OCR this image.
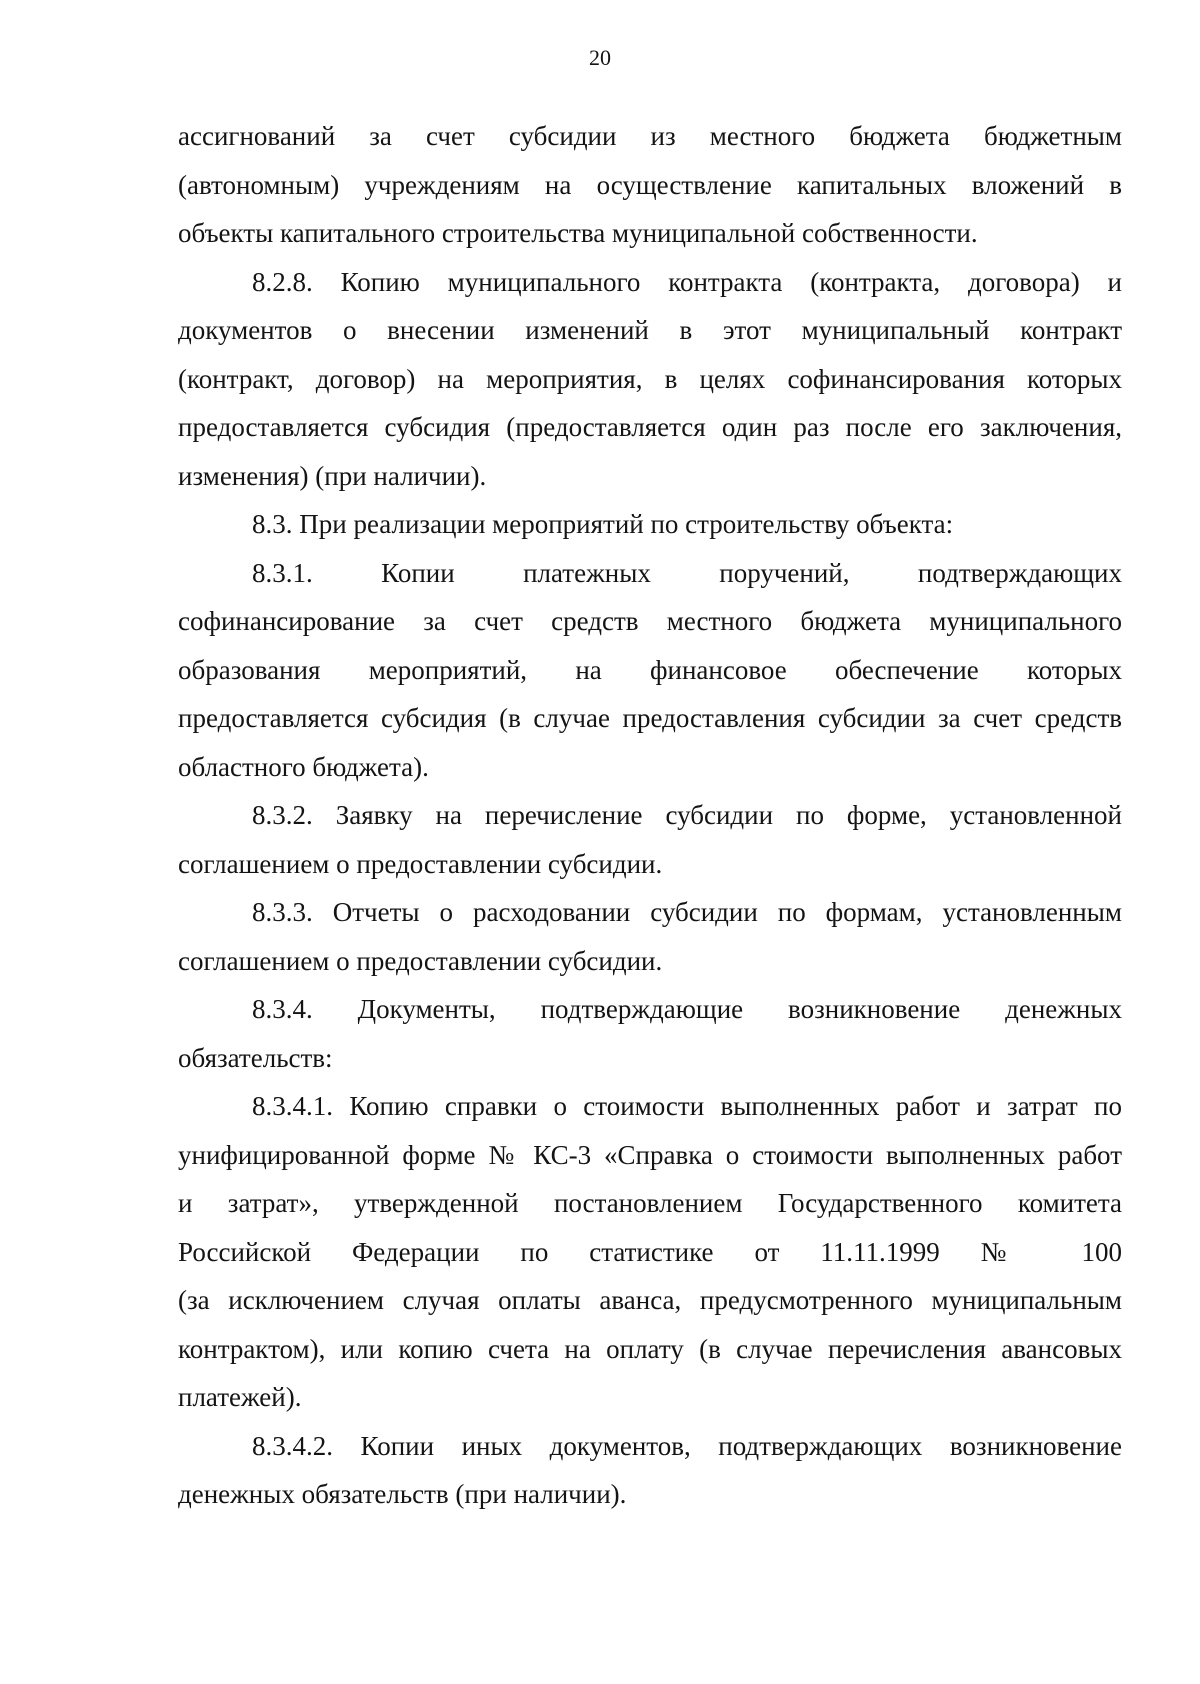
20
ассигнований за счет субсидии из местного бюджета бюджетным
(автономным) учреждениям на осуществление капитальных вложений в
объекты капитального строительства муниципальной собственности.
8.2.8. Копию муниципального контракта (контракта, договора) и
документов о внесении изменений в этот муниципальный контракт
(контракт, договор) на мероприятия, в целях софинансирования которых
предоставляется субсидия (предоставляется один раз после его заключения,
изменения) (при наличии).
8.3. При реализации мероприятий по строительству объекта:
8.3.1. Копии платежных поручений, подтверждающих
софинансирование за счет средств местного бюджета муниципального
образования мероприятий, на финансовое обеспечение которых
предоставляется субсидия (в случае предоставления субсидии за счет средств
областного бюджета).
8.3.2. Заявку на перечисление субсидии по форме, установленной
соглашением о предоставлении субсидии.
8.3.3. Отчеты о расходовании субсидии по формам, установленным
соглашением о предоставлении субсидии.
8.3.4. Документы, подтверждающие возникновение денежных
обязательств:
8.3.4.1. Копию справки о стоимости выполненных работ и затрат по
унифицированной форме № КС-3 «Справка о стоимости выполненных работ
и затрат», утвержденной постановлением Государственного комитета
Российской Федерации по статистике от 11.11.1999 № 100
(за исключением случая оплаты аванса, предусмотренного муниципальным
контрактом), или копию счета на оплату (в случае перечисления авансовых
платежей).
8.3.4.2. Копии иных документов, подтверждающих возникновение
денежных обязательств (при наличии).
